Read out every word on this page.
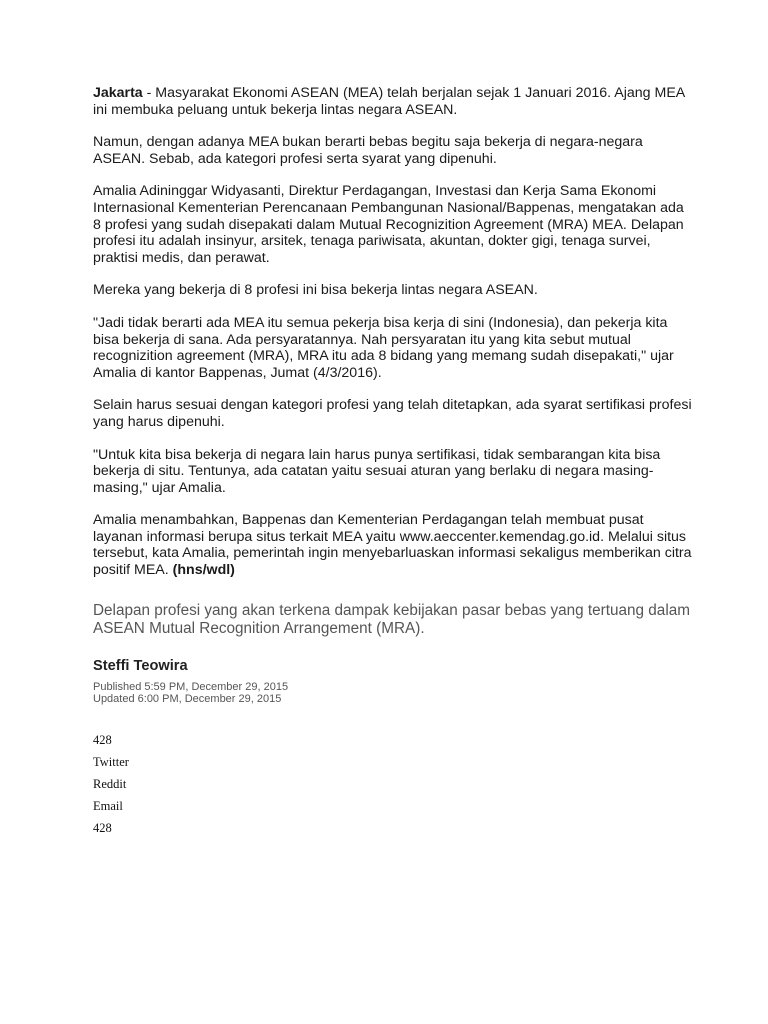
Jakarta - Masyarakat Ekonomi ASEAN (MEA) telah berjalan sejak 1 Januari 2016. Ajang MEA ini membuka peluang untuk bekerja lintas negara ASEAN.

Namun, dengan adanya MEA bukan berarti bebas begitu saja bekerja di negara-negara ASEAN. Sebab, ada kategori profesi serta syarat yang dipenuhi.

Amalia Adininggar Widyasanti, Direktur Perdagangan, Investasi dan Kerja Sama Ekonomi Internasional Kementerian Perencanaan Pembangunan Nasional/Bappenas, mengatakan ada 8 profesi yang sudah disepakati dalam Mutual Recognizition Agreement (MRA) MEA. Delapan profesi itu adalah insinyur, arsitek, tenaga pariwisata, akuntan, dokter gigi, tenaga survei, praktisi medis, dan perawat.

Mereka yang bekerja di 8 profesi ini bisa bekerja lintas negara ASEAN.

"Jadi tidak berarti ada MEA itu semua pekerja bisa kerja di sini (Indonesia), dan pekerja kita bisa bekerja di sana. Ada persyaratannya. Nah persyaratan itu yang kita sebut mutual recognizition agreement (MRA), MRA itu ada 8 bidang yang memang sudah disepakati," ujar Amalia di kantor Bappenas, Jumat (4/3/2016).

Selain harus sesuai dengan kategori profesi yang telah ditetapkan, ada syarat sertifikasi profesi yang harus dipenuhi.

"Untuk kita bisa bekerja di negara lain harus punya sertifikasi, tidak sembarangan kita bisa bekerja di situ. Tentunya, ada catatan yaitu sesuai aturan yang berlaku di negara masing-masing," ujar Amalia.

Amalia menambahkan, Bappenas dan Kementerian Perdagangan telah membuat pusat layanan informasi berupa situs terkait MEA yaitu www.aeccenter.kemendag.go.id. Melalui situs tersebut, kata Amalia, pemerintah ingin menyebarluaskan informasi sekaligus memberikan citra positif MEA. (hns/wdl)

Delapan profesi yang akan terkena dampak kebijakan pasar bebas yang tertuang dalam ASEAN Mutual Recognition Arrangement (MRA).
Steffi Teowira
Published 5:59 PM, December 29, 2015
Updated 6:00 PM, December 29, 2015
428
Twitter
Reddit
Email
428
